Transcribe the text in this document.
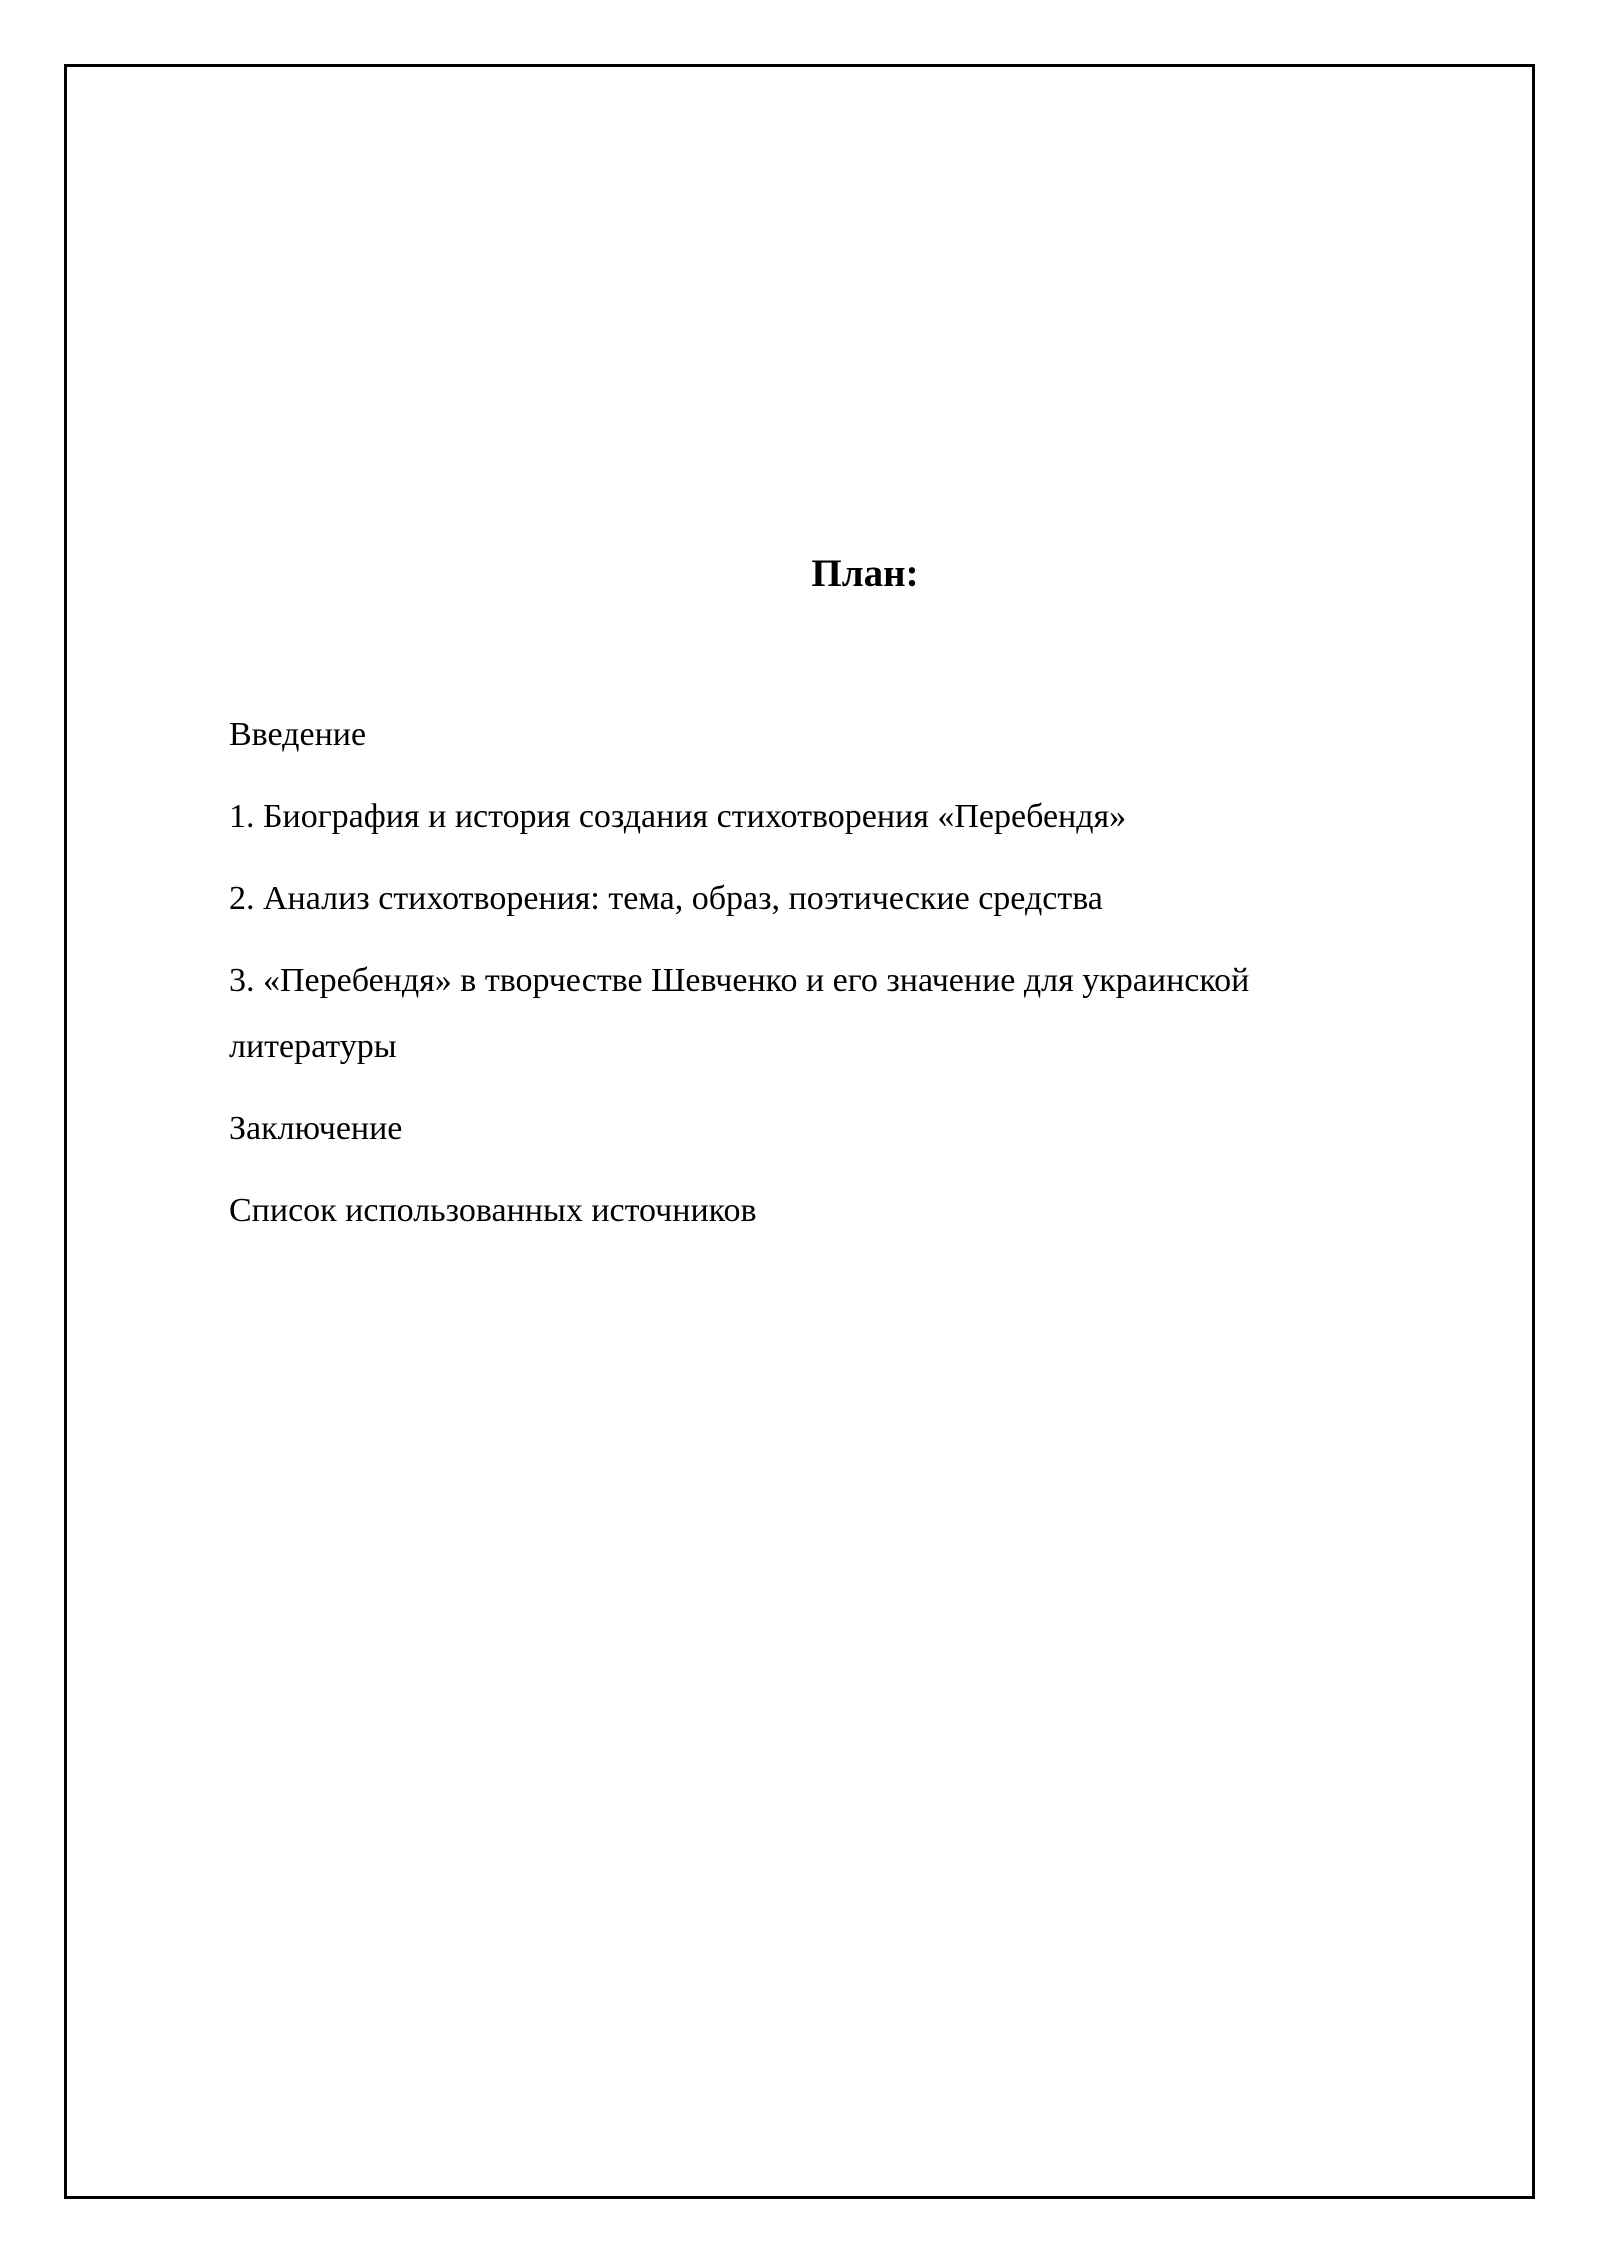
План:
Введение
1. Биография и история создания стихотворения «Перебендя»
2. Анализ стихотворения: тема, образ, поэтические средства
3. «Перебендя» в творчестве Шевченко и его значение для украинской литературы
Заключение
Список использованных источников
